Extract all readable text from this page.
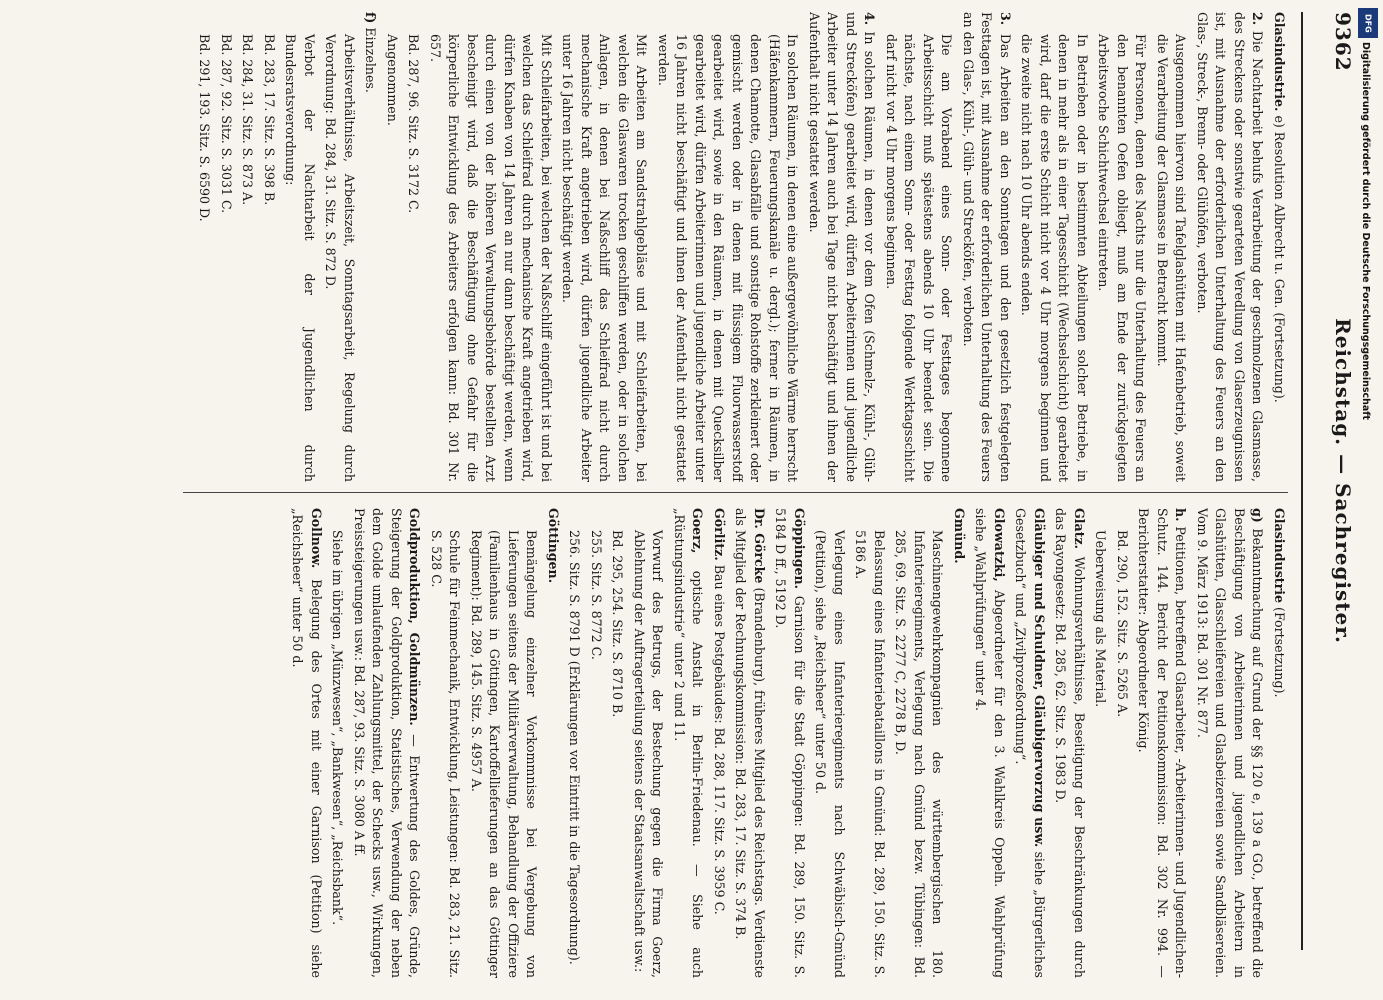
9362
Reichstag. — Sachregister.
Glasindustrie. e) Resolution Albrecht u. Gen. (Fortsetzung).
2. Die Nachtarbeit behufs Verarbeitung der geschmolzenen Glasmasse, des Streckens oder sonstwie gearteten Veredlung von Glaserzeugnissen ist, mit Ausnahme der erforderlichen Unterhaltung des Feuers an den Glas-, Streck-, Brenn- oder Glühöfen, verboten.
Ausgenommen hiervon sind Tafelglashütten mit Hafenbetrieb, soweit die Verarbeitung der Glasmasse in Betracht kommt.
Für Personen, denen des Nachts nur die Unterhaltung des Feuers an den benannten Oefen obliegt, muß am Ende der zurückgelegten Arbeitswoche Schichtwechsel eintreten.
In Betrieben oder in bestimmten Abteilungen solcher Betriebe, in denen in mehr als in einer Tagesschicht (Wechselschicht) gearbeitet wird, darf die erste Schicht nicht vor 4 Uhr morgens beginnen und die zweite nicht nach 10 Uhr abends enden.
3. Das Arbeiten an den Sonntagen und den gesetzlich festgelegten Festtagen ist, mit Ausnahme der erforderlichen Unterhaltung des Feuers an den Glas-, Kühl-, Glüh- und Strecköfen, verboten.
Die am Vorabend eines Sonn- oder Festtages begonnene Arbeitsschicht muß spätestens abends 10 Uhr beendet sein. Die nächste, nach einem Sonn- oder Festtag folgende Werktagsschicht darf nicht vor 4 Uhr morgens beginnen.
4. In solchen Räumen, in denen vor dem Ofen (Schmelz-, Kühl-, Glüh- und Strecköfen) gearbeitet wird, dürfen Arbeiterinnen und jugendliche Arbeiter unter 14 Jahren auch bei Tage nicht beschäftigt und ihnen der Aufenthalt nicht gestattet werden.
In solchen Räumen, in denen eine außergewöhnliche Wärme herrscht (Häfenkammern, Feuerungskanäle u. dergl.); ferner in Räumen, in denen Chamotte, Glasabfälle und sonstige Rohstoffe zerkleinert oder gemischt werden oder in denen mit flüssigem Fluorwasserstoff gearbeitet wird, sowie in den Räumen, in denen mit Quecksilber gearbeitet wird, dürfen Arbeiterinnen und jugendliche Arbeiter unter 16 Jahren nicht beschäftigt und ihnen der Aufenthalt nicht gestattet werden.
Mit Arbeiten am Sandstrahlgebläse und mit Schleifarbeiten, bei welchen die Glaswaren trocken geschliffen werden, oder in solchen Anlagen, in denen bei Naßschliff das Schleifrad nicht durch mechanische Kraft angetrieben wird, dürfen jugendliche Arbeiter unter 16 Jahren nicht beschäftigt werden.
Mit Schleifarbeiten, bei welchen der Naßschliff eingeführt ist und bei welchen das Schleifrad durch mechanische Kraft angetrieben wird, dürfen Knaben von 14 Jahren an nur dann beschäftigt werden, wenn durch einen von der höheren Verwaltungsbehörde bestellten Arzt bescheinigt wird, daß die Beschäftigung ohne Gefahr für die körperliche Entwicklung des Arbeiters erfolgen kann: Bd. 301 Nr. 657.
Bd. 287, 96. Sitz. S. 3172 C.
Angenommen.
f) Einzelnes.
Arbeitsverhältnisse, Arbeitszeit, Sonntagsarbeit, Regelung durch Verordnung: Bd. 284, 31. Sitz. S. 872 D.
Verbot der Nachtarbeit der Jugendlichen durch Bundesratsverordnung:
Bd. 283, 17. Sitz. S. 398 B.
Bd. 284, 31. Sitz. S. 873 A.
Bd. 287, 92. Sitz. S. 3031 C.
Bd. 291, 193. Sitz. S. 6590 D.
Glasindustrie (Fortsetzung).
g) Bekanntmachung auf Grund der §§ 120 e, 139 a GO., betreffend die Beschäftigung von Arbeiterinnen und jugendlichen Arbeitern in Glashütten, Glasschleifereien und Glasbeizereien sowie Sandbläsereien. Vom 9. März 1913: Bd. 301 Nr. 877.
h. Petitionen, betreffend Glasarbeiter, -Arbeiterinnen- und Jugendlichen-Schutz. 144. Bericht der Petitionskommission: Bd. 302 Nr. 994. — Berichterstatter: Abgeordneter König.
Bd. 290, 152. Sitz. S. 5265 A.
Ueberweisung als Material.
Glatz. Wohnungsverhältnisse, Beseitigung der Beschränkungen durch das Rayongesetz: Bd. 285, 62. Sitz. S. 1983 D.
Gläubiger und Schuldner, Gläubigervorzug usw. siehe „Bürgerliches Gesetzbuch“ und „Zivilprozeßordnung“.
Glowatzki, Abgeordneter für den 3. Wahlkreis Oppeln. Wahlprüfung siehe „Wahlprüfungen“ unter 4.
Gmünd.
Maschinengewehrkompagnien des württembergischen 180. Infanterieregiments, Verlegung nach Gmünd bezw. Tübingen: Bd. 285, 69. Sitz. S. 2277 C, 2278 B, D.
Belassung eines Infanteriebataillons in Gmünd: Bd. 289, 150. Sitz. S. 5186 A.
Verlegung eines Infanterieregiments nach Schwäbisch-Gmünd (Petition), siehe „Reichsheer“ unter 50 d.
Göppingen. Garnison für die Stadt Göppingen: Bd. 289, 150. Sitz. S. 5184 D ff., 5192 D.
Dr. Görcke (Brandenburg), früheres Mitglied des Reichstags. Verdienste als Mitglied der Rechnungskommission: Bd. 283, 17. Sitz. S. 374 B.
Görlitz. Bau eines Postgebäudes: Bd. 288, 117. Sitz. S. 3959 C.
Goerz, optische Anstalt in Berlin-Friedenau. — Siehe auch „Rüstungsindustrie“ unter 2 und 11.
Vorwurf des Betrugs, der Bestechung gegen die Firma Goerz, Ablehnung der Auftragerteilung seitens der Staatsanwaltschaft usw.:
Bd. 295, 254. Sitz. S. 8710 B.
255. Sitz. S. 8772 C.
256. Sitz. S. 8791 D (Erklärungen vor Eintritt in die Tagesordnung).
Göttingen.
Bemängelung einzelner Vorkommnisse bei Vergebung von Lieferungen seitens der Militärverwaltung, Behandlung der Offiziere (Familienhaus in Göttingen, Kartoffellieferungen an das Göttinger Regiment): Bd. 289, 145. Sitz. S. 4957 A.
Schule für Feinmechanik, Entwicklung, Leistungen: Bd. 283, 21. Sitz. S. 528 C.
Goldproduktion, Goldmünzen. — Entwertung des Goldes, Gründe, Steigerung der Goldproduktion, Statistisches, Verwendung der neben dem Golde umlaufenden Zahlungsmittel, der Schecks usw., Wirkungen, Preissteigerungen usw.: Bd. 287, 93. Sitz. S. 3080 A ff.
Siehe im übrigen „Münzwesen“, „Bankwesen“, „Reichsbank“.
Gollnow. Belegung des Ortes mit einer Garnison (Petition) siehe „Reichsheer“ unter 50 d.
DFG
Digitalisierung gefördert durch die Deutsche Forschungsgemeinschaft
